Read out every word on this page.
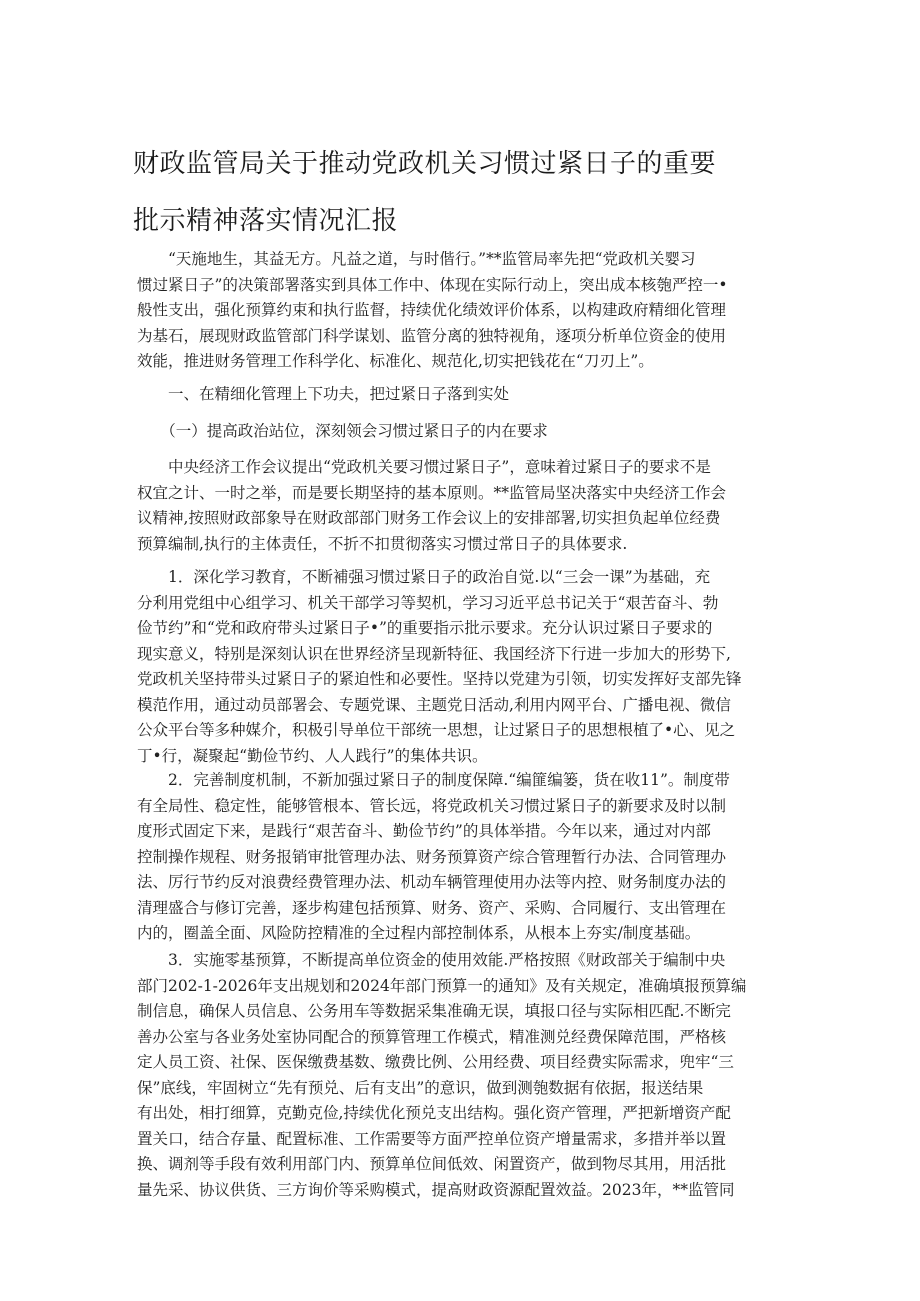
财政监管局关于推动党政机关习惯过紧日子的重要
批示精神落实情况汇报
　　“天施地生，其益无方。凡益之道，与时偕行。”**监管局率先把“党政机关婴习
惯过紧日子”的决策部署落实到具体工作中、体现在实际行动上，突出成本核匏严控一•
般性支出，强化预算约束和执行监督，持续优化绩效评价体系，以构建政府精细化管理
为基石，展现财政监管部门科学谋划、监管分离的独特视角，逐项分析单位资金的使用
效能，推进财务管理工作科学化、标准化、规范化,切实把钱花在“刀刃上”。
　　一、在精细化管理上下功夫，把过紧日子落到实处
　　（一）提高政治站位，深刻领会习惯过紧日子的内在要求
　　中央经济工作会议提出“党政机关要习惯过紧日子”，意味着过紧日子的要求不是
权宜之计、一时之举，而是要长期坚持的基本原则。**监管局坚决落实中央经济工作会
议精神,按照财政部象导在财政部部门财务工作会议上的安排部署,切实担负起单位经费
预算编制,执行的主体责任，不折不扣贯彻落实习惯过常日子的具体要求.
　　1．深化学习教育，不断補强习惯过紧日子的政治自觉.以“三会一课”为基础，充
分利用党组中心组学习、机关干部学习等契机，学习习近平总书记关于“艰苦奋斗、勃
俭节约”和“党和政府带头过紧日子•”的重要指示批示要求。充分认识过紧日子要求的
现实意义，特别是深刻认识在世界经济呈现新特征、我国经济下行进一步加大的形势下,
党政机关坚持带头过紧日子的紧迫性和必要性。坚持以党建为引领，切实发挥好支部先锋
模范作用，通过动员部署会、专题党课、主题党日活动,利用内网平台、广播电视、微信
公众平台等多种媒介，积极引导单位干部统一思想，让过紧日子的思想根植了•心、见之
丁•行，凝聚起“勤俭节约、人人践行”的集体共识。
　　2．完善制度机制，不新加强过紧日子的制度保障.“编篚编篓，货在收11”。制度带
有全局性、稳定性，能够管根本、管长远，将党政机关习惯过紧日子的新要求及时以制
度形式固定下来，是践行“艰苦奋斗、勤俭节约”的具体举措。今年以来，通过对内部
控制操作规程、财务报销审批管理办法、财务预算资产综合管理暂行办法、合同管理办
法、厉行节约反对浪费经费管理办法、机动车辆管理使用办法等内控、财务制度办法的
清理盛合与修订完善，逐步构建包括预算、财务、资产、采购、合同履行、支出管理在
内的，圈盖全面、风险防控精准的全过程内部控制体系，从根本上夯实/制度基础。
　　3．实施零基预算，不断提高单位资金的使用效能.严格按照《财政部关于编制中央
部门202-1-2026年支出规划和2024年部门预算一的通知》及有关规定，准确填报预算编
制信息，确保人员信息、公务用车等数据采集准确无误，填报口径与实际相匹配.不断完
善办公室与各业务处室协同配合的预算管理工作模式，精准测兑经费保障范围，严格核
定人员工资、社保、医保缴费基数、缴费比例、公用经费、项目经费实际需求，兜牢“三
保”底线，牢固树立“先有预兑、后有支出”的意识，做到测匏数据有依据，报送结果
有出处，相打细算，克勤克俭,持续优化预兑支出结构。强化资产管理，严把新增资产配
置关口，结合存量、配置标准、工作需要等方面严控单位资产增量需求，多措并举以置
换、调剂等手段有效利用部门内、预算单位间低效、闲置资产，做到物尽其用，用活批
量先采、协议供货、三方询价等采购模式，提高财政资源配置效益。2023年，**监管同
